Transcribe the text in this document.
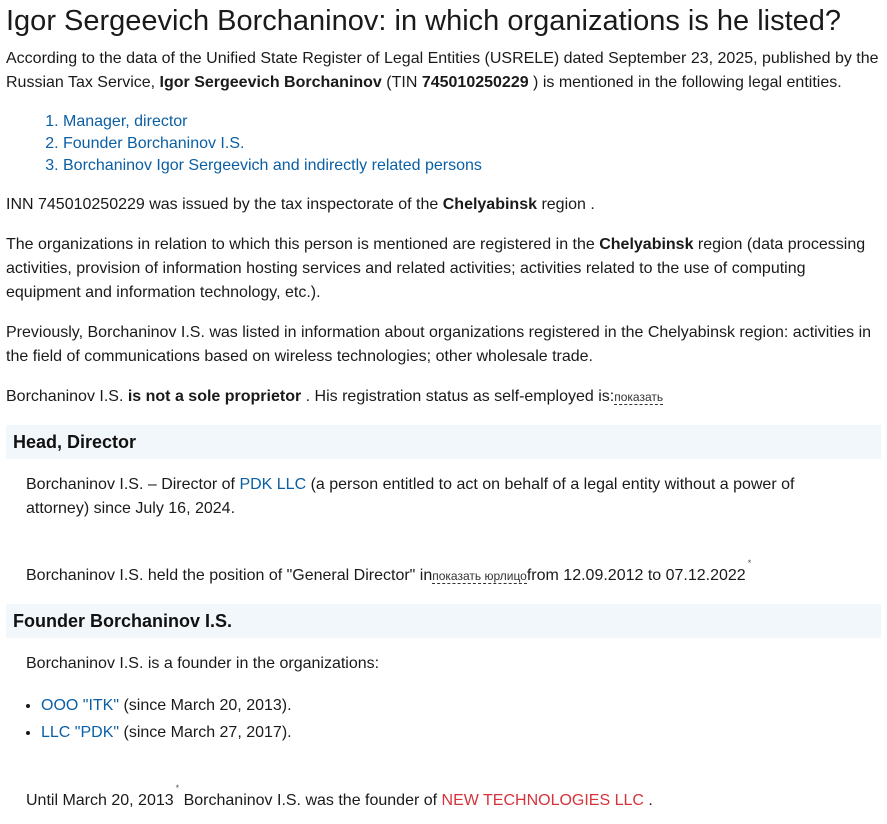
Igor Sergeevich Borchaninov: in which organizations is he listed?

According to the data of the Unified State Register of Legal Entities (USRELE) dated September 23, 2025, published by the Russian Tax Service, Igor Sergeevich Borchaninov (TIN 745010250229 ) is mentioned in the following legal entities.

1. Manager, director
2. Founder Borchaninov I.S.
3. Borchaninov Igor Sergeevich and indirectly related persons

INN 745010250229 was issued by the tax inspectorate of the Chelyabinsk region .

The organizations in relation to which this person is mentioned are registered in the Chelyabinsk region (data processing activities, provision of information hosting services and related activities; activities related to the use of computing equipment and information technology, etc.).

Previously, Borchaninov I.S. was listed in information about organizations registered in the Chelyabinsk region: activities in the field of communications based on wireless technologies; other wholesale trade.

Borchaninov I.S. is not a sole proprietor . His registration status as self-employed is:показать

Head, Director

Borchaninov I.S. – Director of PDK LLC (a person entitled to act on behalf of a legal entity without a power of attorney) since July 16, 2024.

Borchaninov I.S. held the position of "General Director" inпоказать юрлицоfrom 12.09.2012 to 07.12.2022*

Founder Borchaninov I.S.

Borchaninov I.S. is a founder in the organizations:

• ООО "ITK" (since March 20, 2013).
• LLC "PDK" (since March 27, 2017).

Until March 20, 2013* Borchaninov I.S. was the founder of NEW TECHNOLOGIES LLC .
